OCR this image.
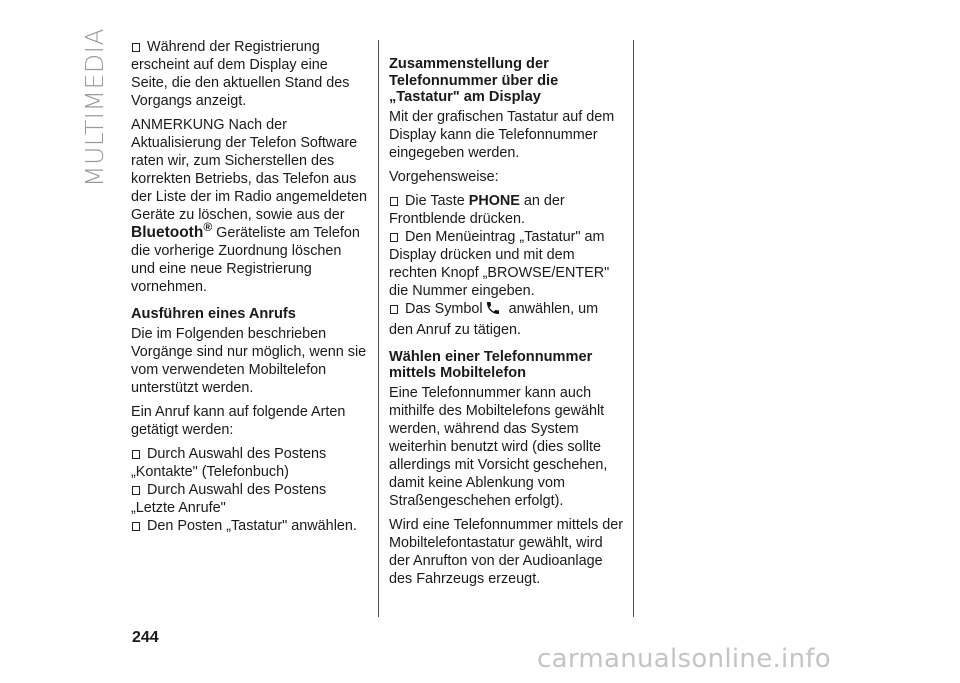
MULTIMEDIA	Während der Registrierung erscheint auf dem Display eine Seite, die den aktuellen Stand des Vorgangs anzeigt.

ANMERKUNG Nach der Aktualisierung der Telefon Software raten wir, zum Sicherstellen des korrekten Betriebs, das Telefon aus der Liste der im Radio angemeldeten Geräte zu löschen, sowie aus der Bluetooth® Geräteliste am Telefon die vorherige Zuordnung löschen und eine neue Registrierung vornehmen.

Ausführen eines Anrufs

Die im Folgenden beschrieben Vorgänge sind nur möglich, wenn sie vom verwendeten Mobiltelefon unterstützt werden.

Ein Anruf kann auf folgende Arten getätigt werden:

Durch Auswahl des Postens „Kontakte" (Telefonbuch)

Durch Auswahl des Postens „Letzte Anrufe"

Den Posten „Tastatur" anwählen.

Zusammenstellung der Telefonnummer über die „Tastatur" am Display

Mit der grafischen Tastatur auf dem Display kann die Telefonnummer eingegeben werden.

Vorgehensweise:

Die Taste PHONE an der Frontblende drücken.

Den Menüeintrag „Tastatur" am Display drücken und mit dem rechten Knopf „BROWSE/ENTER" die Nummer eingeben.

Das Symbol anwählen, um den Anruf zu tätigen.

Wählen einer Telefonnummer mittels Mobiltelefon

Eine Telefonnummer kann auch mithilfe des Mobiltelefons gewählt werden, während das System weiterhin benutzt wird (dies sollte allerdings mit Vorsicht geschehen, damit keine Ablenkung vom Straßengeschehen erfolgt).

Wird eine Telefonnummer mittels der Mobiltelefontastatur gewählt, wird der Anrufton von der Audioanlage des Fahrzeugs erzeugt.

244
carmanualsonline.info
